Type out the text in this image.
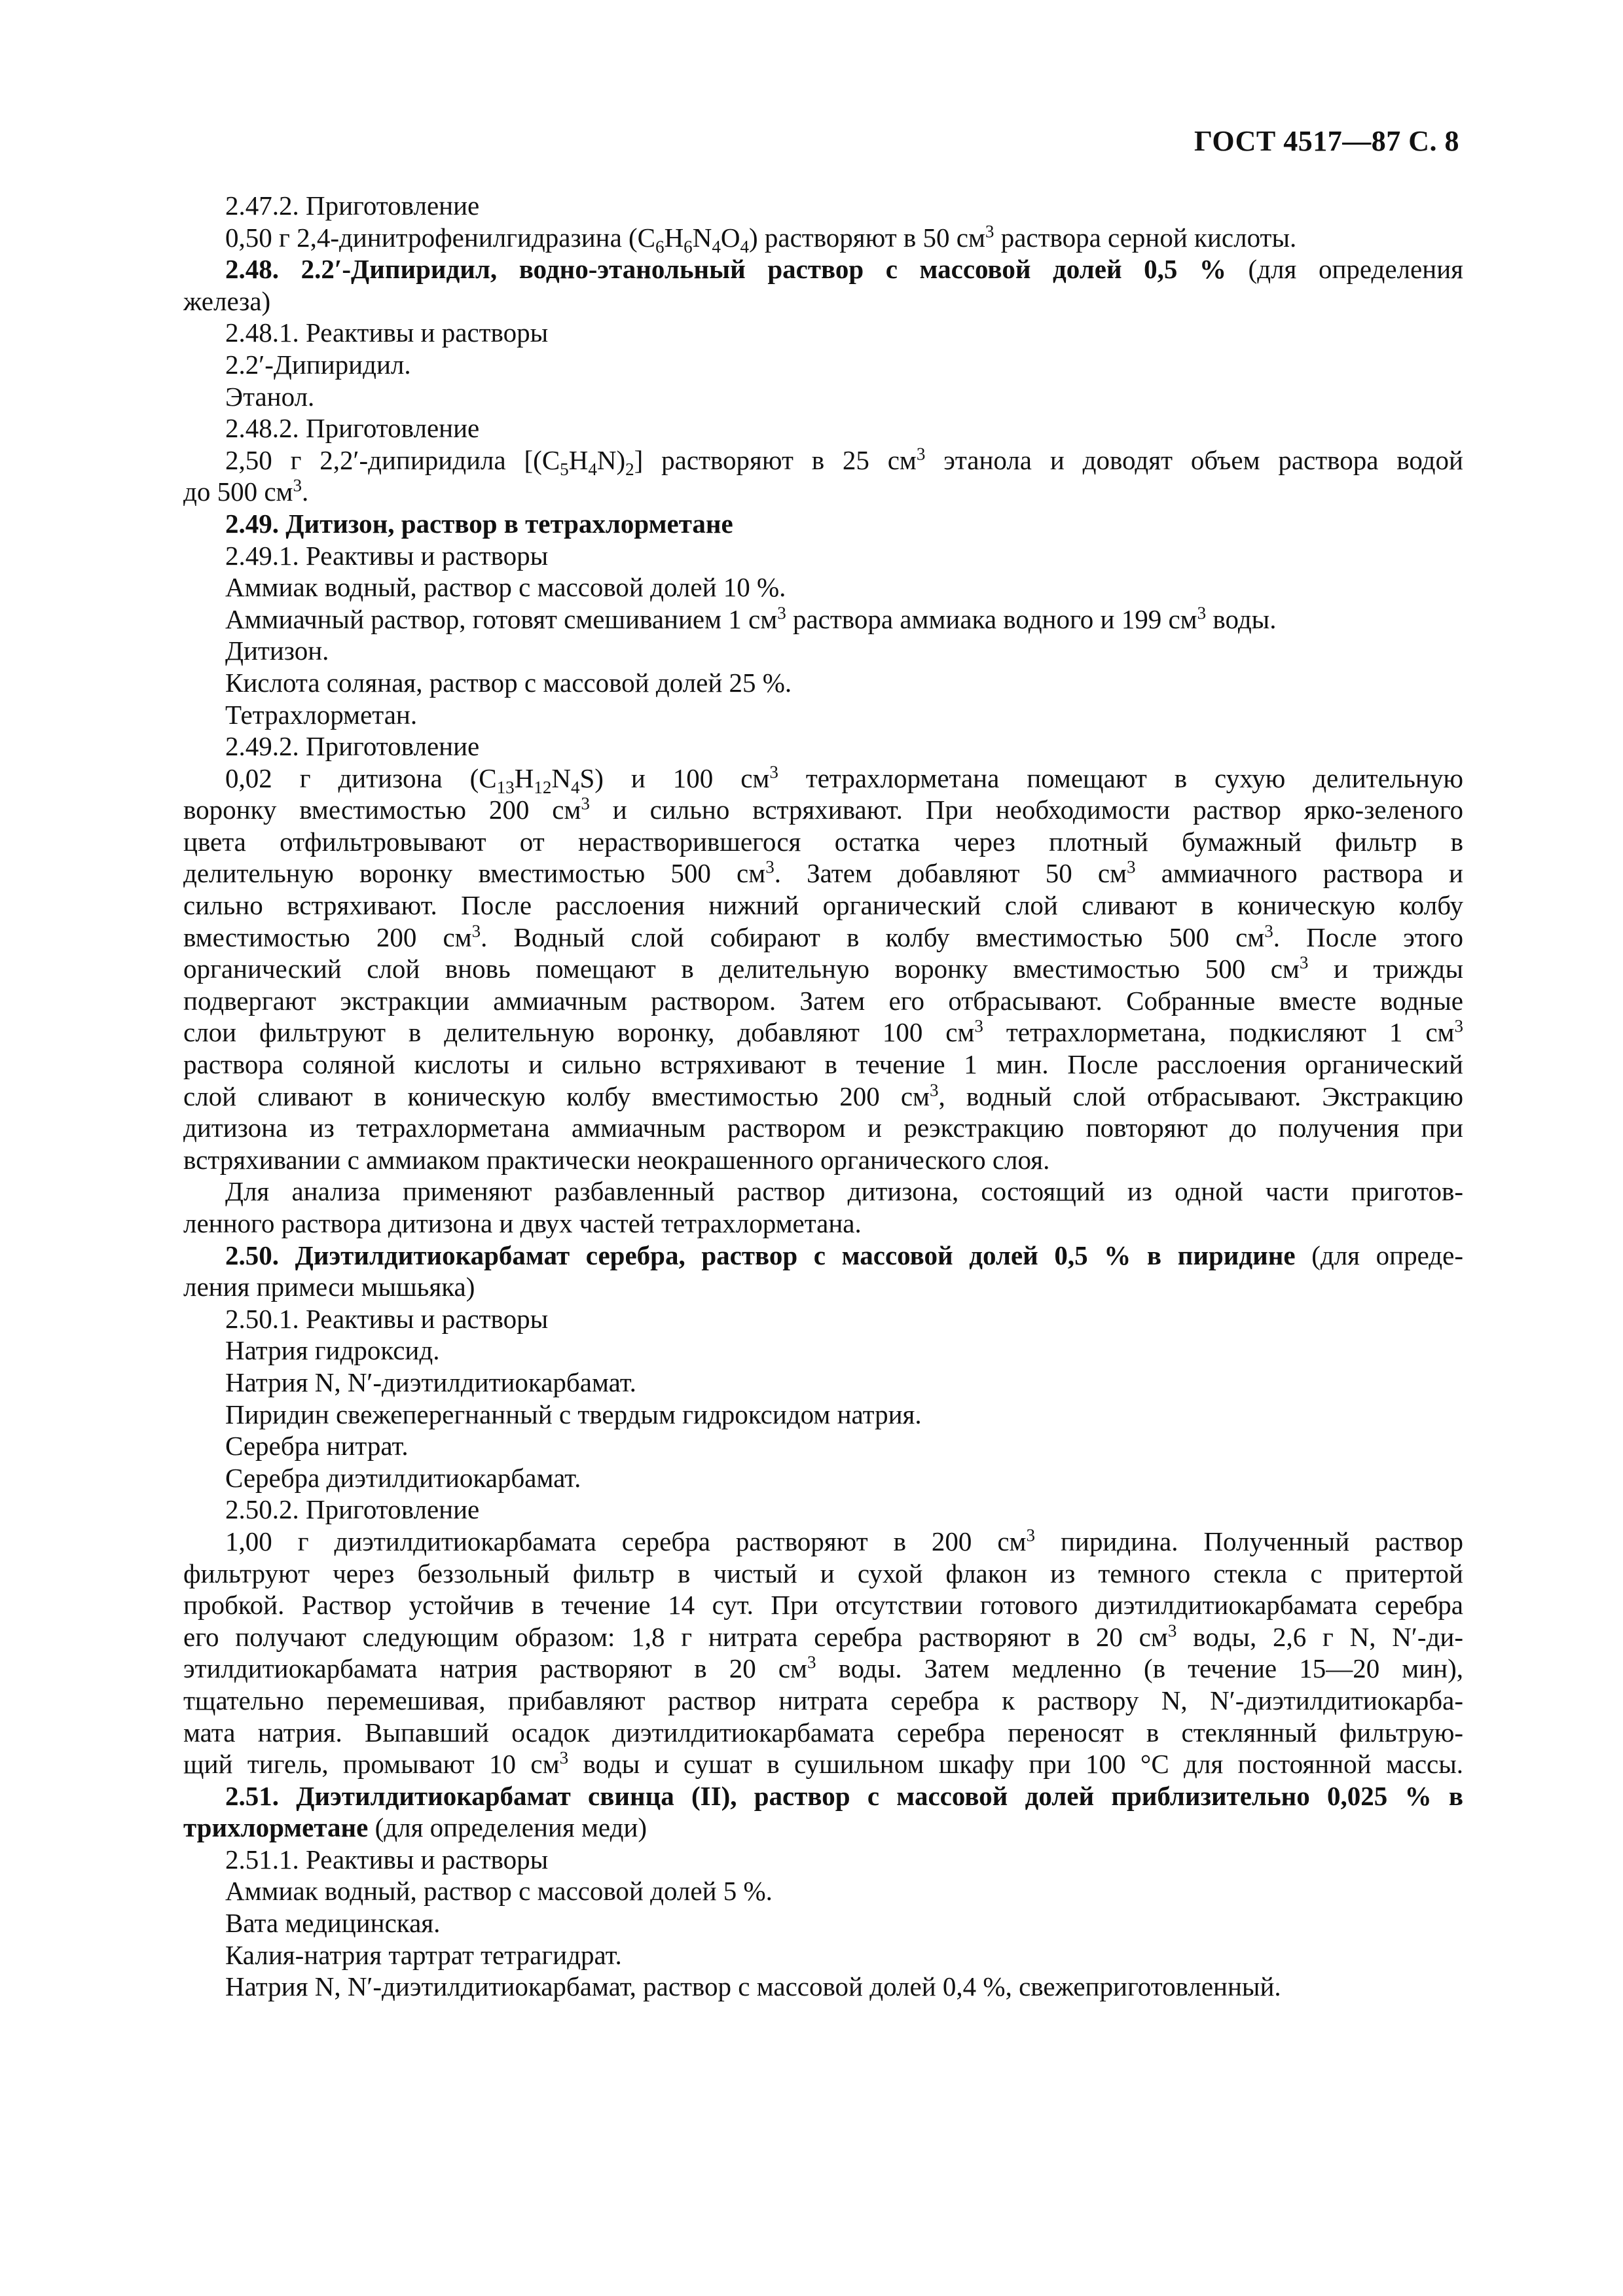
ГОСТ 4517—87 С. 8
2.47.2. Приготовление
0,50 г 2,4-динитрофенилгидразина $(C_6H_6N_4O_4)$ растворяют в 50 $см^3$ раствора серной кислоты.
2.48. 2.2′-Дипиридил, водно-этанольный раствор с массовой долей 0,5 % (для определения
железа)
2.48.1. Реактивы и растворы
2.2′-Дипиридил.
Этанол.
2.48.2. Приготовление
2,50 г 2,2′-дипиридила $[(C_5H_4N)_2]$ растворяют в 25 $см^3$ этанола и доводят объем раствора водой
до 500 $см^3$.
2.49. Дитизон, раствор в тетрахлорметане
2.49.1. Реактивы и растворы
Аммиак водный, раствор с массовой долей 10 %.
Аммиачный раствор, готовят смешиванием 1 $см^3$ раствора аммиака водного и 199 $см^3$ воды.
Дитизон.
Кислота соляная, раствор с массовой долей 25 %.
Тетрахлорметан.
2.49.2. Приготовление
0,02 г дитизона $(C_{13}H_{12}N_4S)$ и 100 $см^3$ тетрахлорметана помещают в сухую делительную
воронку вместимостью 200 $см^3$ и сильно встряхивают. При необходимости раствор ярко-зеленого
цвета отфильтровывают от нерастворившегося остатка через плотный бумажный фильтр в
делительную воронку вместимостью 500 $см^3$. Затем добавляют 50 $см^3$ аммиачного раствора и
сильно встряхивают. После расслоения нижний органический слой сливают в коническую колбу
вместимостью 200 $см^3$. Водный слой собирают в колбу вместимостью 500 $см^3$. После этого
органический слой вновь помещают в делительную воронку вместимостью 500 $см^3$ и трижды
подвергают экстракции аммиачным раствором. Затем его отбрасывают. Собранные вместе водные
слои фильтруют в делительную воронку, добавляют 100 $см^3$ тетрахлорметана, подкисляют 1 $см^3$
раствора соляной кислоты и сильно встряхивают в течение 1 мин. После расслоения органический
слой сливают в коническую колбу вместимостью 200 $см^3$, водный слой отбрасывают. Экстракцию
дитизона из тетрахлорметана аммиачным раствором и реэкстракцию повторяют до получения при
встряхивании с аммиаком практически неокрашенного органического слоя.
Для анализа применяют разбавленный раствор дитизона, состоящий из одной части приготов-
ленного раствора дитизона и двух частей тетрахлорметана.
2.50. Диэтилдитиокарбамат серебра, раствор с массовой долей 0,5 % в пиридине (для опреде-
ления примеси мышьяка)
2.50.1. Реактивы и растворы
Натрия гидроксид.
Натрия N, N′-диэтилдитиокарбамат.
Пиридин свежеперегнанный с твердым гидроксидом натрия.
Серебра нитрат.
Серебра диэтилдитиокарбамат.
2.50.2. Приготовление
1,00 г диэтилдитиокарбамата серебра растворяют в 200 $см^3$ пиридина. Полученный раствор
фильтруют через беззольный фильтр в чистый и сухой флакон из темного стекла с притертой
пробкой. Раствор устойчив в течение 14 сут. При отсутствии готового диэтилдитиокарбамата серебра
его получают следующим образом: 1,8 г нитрата серебра растворяют в 20 $см^3$ воды, 2,6 г N, N′-ди-
этилдитиокарбамата натрия растворяют в 20 $см^3$ воды. Затем медленно (в течение 15—20 мин),
тщательно перемешивая, прибавляют раствор нитрата серебра к раствору N, N′-диэтилдитиокарба-
мата натрия. Выпавший осадок диэтилдитиокарбамата серебра переносят в стеклянный фильтрую-
щий тигель, промывают 10 $см^3$ воды и сушат в сушильном шкафу при 100 °С для постоянной массы.
2.51. Диэтилдитиокарбамат свинца (II), раствор с массовой долей приблизительно 0,025 % в
трихлорметане (для определения меди)
2.51.1. Реактивы и растворы
Аммиак водный, раствор с массовой долей 5 %.
Вата медицинская.
Калия-натрия тартрат тетрагидрат.
Натрия N, N′-диэтилдитиокарбамат, раствор с массовой долей 0,4 %, свежеприготовленный.
